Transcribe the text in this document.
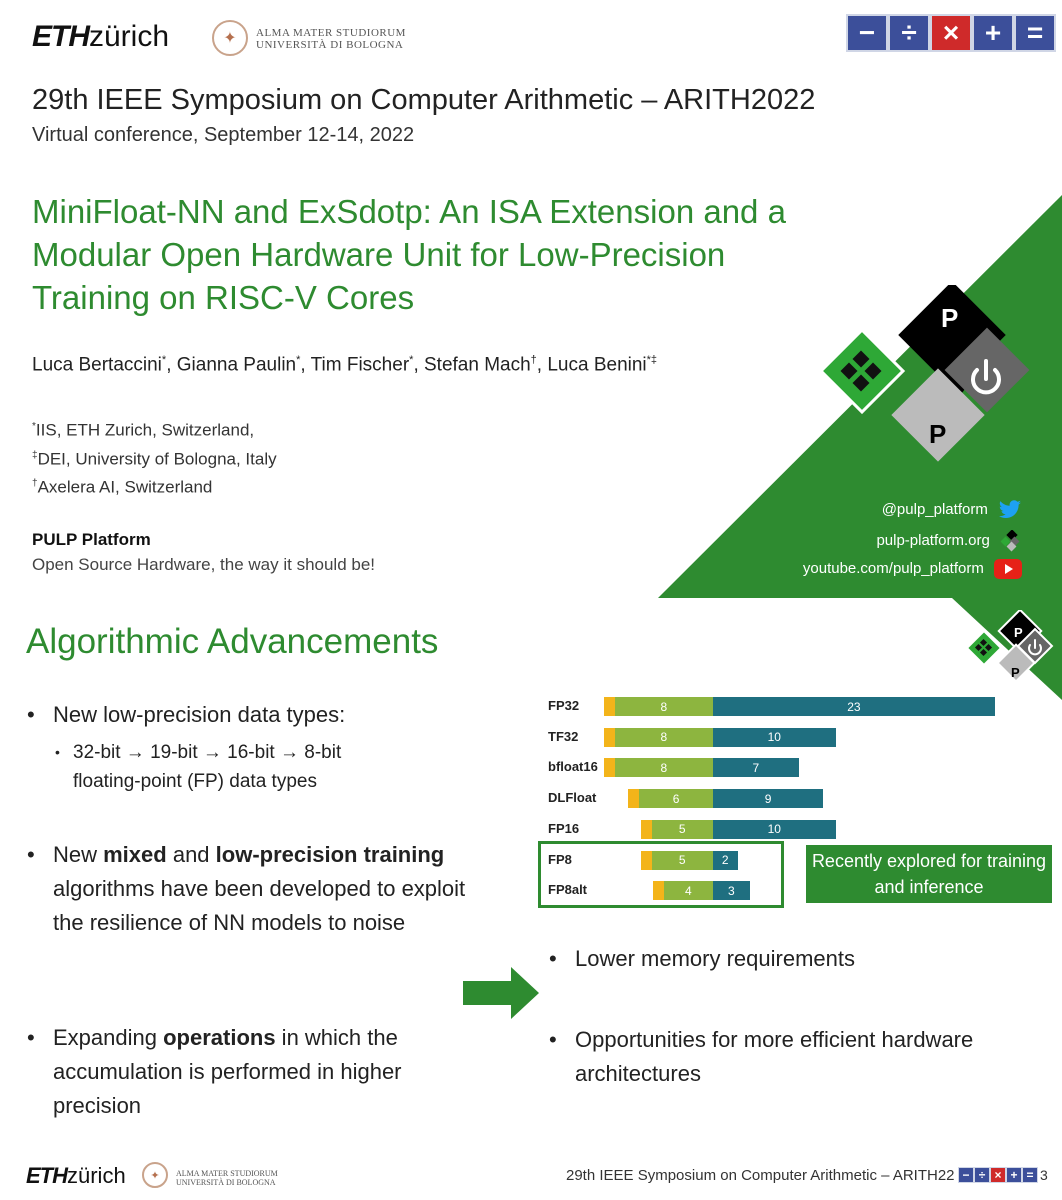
ETHzürich	✦	ALMA MATER STUDIORUM
UNIVERSITÀ DI BOLOGNA	− ÷ × + =
29th IEEE Symposium on Computer Arithmetic – ARITH2022
Virtual conference, September 12-14, 2022
MiniFloat-NN and ExSdotp: An ISA Extension and a
Modular Open Hardware Unit for Low-Precision
Training on RISC-V Cores
Luca Bertaccini*, Gianna Paulin*, Tim Fischer*, Stefan Mach†, Luca Benini*‡
*IIS, ETH Zurich, Switzerland,
‡DEI, University of Bologna, Italy
†Axelera AI, Switzerland
PULP Platform
Open Source Hardware, the way it should be!
P
P
@pulp_platform
pulp-platform.org
youtube.com/pulp_platform
Algorithmic Advancements	P
P
• New low-precision data types:
• 32-bit → 19-bit → 16-bit → 8-bit
floating-point (FP) data types
• New mixed and low-precision training algorithms have been developed to exploit the resilience of NN models to noise
• Expanding operations in which the accumulation is performed in higher precision
• Lower memory requirements
• Opportunities for more efficient hardware architectures
FP32	8	23
TF32	8	10
bfloat16	8	7
DLFloat	6	9
FP16	5	10
FP8	5	2
FP8alt	4	3
Recently explored for training and inference
ETHzürich	✦	ALMA MATER STUDIORUM
UNIVERSITÀ DI BOLOGNA	29th IEEE Symposium on Computer Arithmetic – ARITH22 − ÷ × + = 3
